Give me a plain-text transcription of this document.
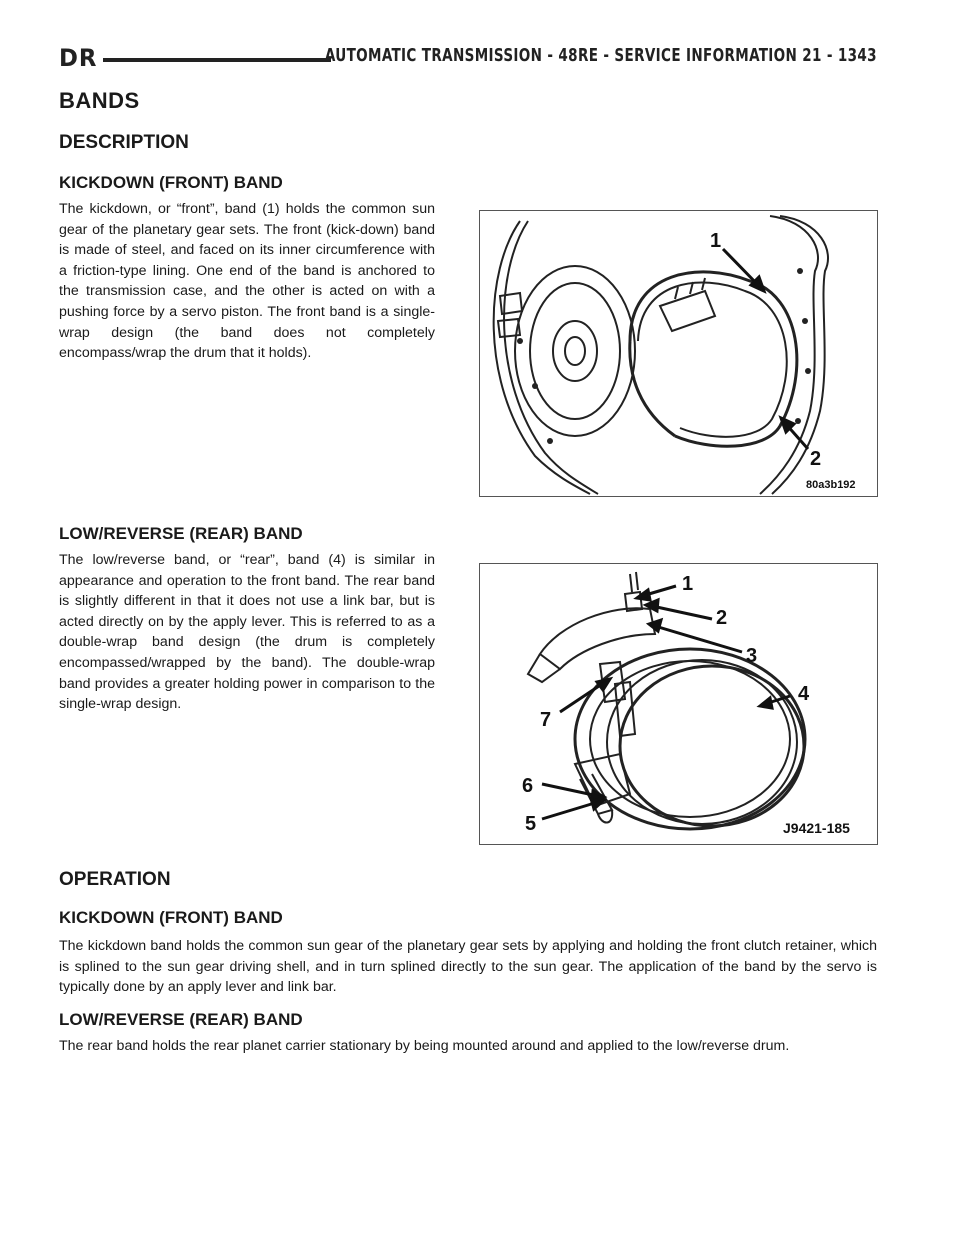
DR	AUTOMATIC TRANSMISSION - 48RE - SERVICE INFORMATION 21 - 1343
BANDS
DESCRIPTION
KICKDOWN (FRONT) BAND

The kickdown, or “front”, band (1) holds the common sun gear of the planetary gear sets. The front (kick-down) band is made of steel, and faced on its inner circumference with a friction-type lining. One end of the band is anchored to the transmission case, and the other is acted on with a pushing force by a servo piston. The front band is a single-wrap design (the band does not completely encompass/wrap the drum that it holds).

1
2
80a3b192
LOW/REVERSE (REAR) BAND

The low/reverse band, or “rear”, band (4) is similar in appearance and operation to the front band. The rear band is slightly different in that it does not use a link bar, but is acted directly on by the apply lever. This is referred to as a double-wrap band design (the drum is completely encompassed/wrapped by the band). The double-wrap band provides a greater holding power in comparison to the single-wrap design.

1
2
3
4
5
6
7
J9421-185
OPERATION
KICKDOWN (FRONT) BAND

The kickdown band holds the common sun gear of the planetary gear sets by applying and holding the front clutch retainer, which is splined to the sun gear driving shell, and in turn splined directly to the sun gear. The application of the band by the servo is typically done by an apply lever and link bar.

LOW/REVERSE (REAR) BAND

The rear band holds the rear planet carrier stationary by being mounted around and applied to the low/reverse drum.
